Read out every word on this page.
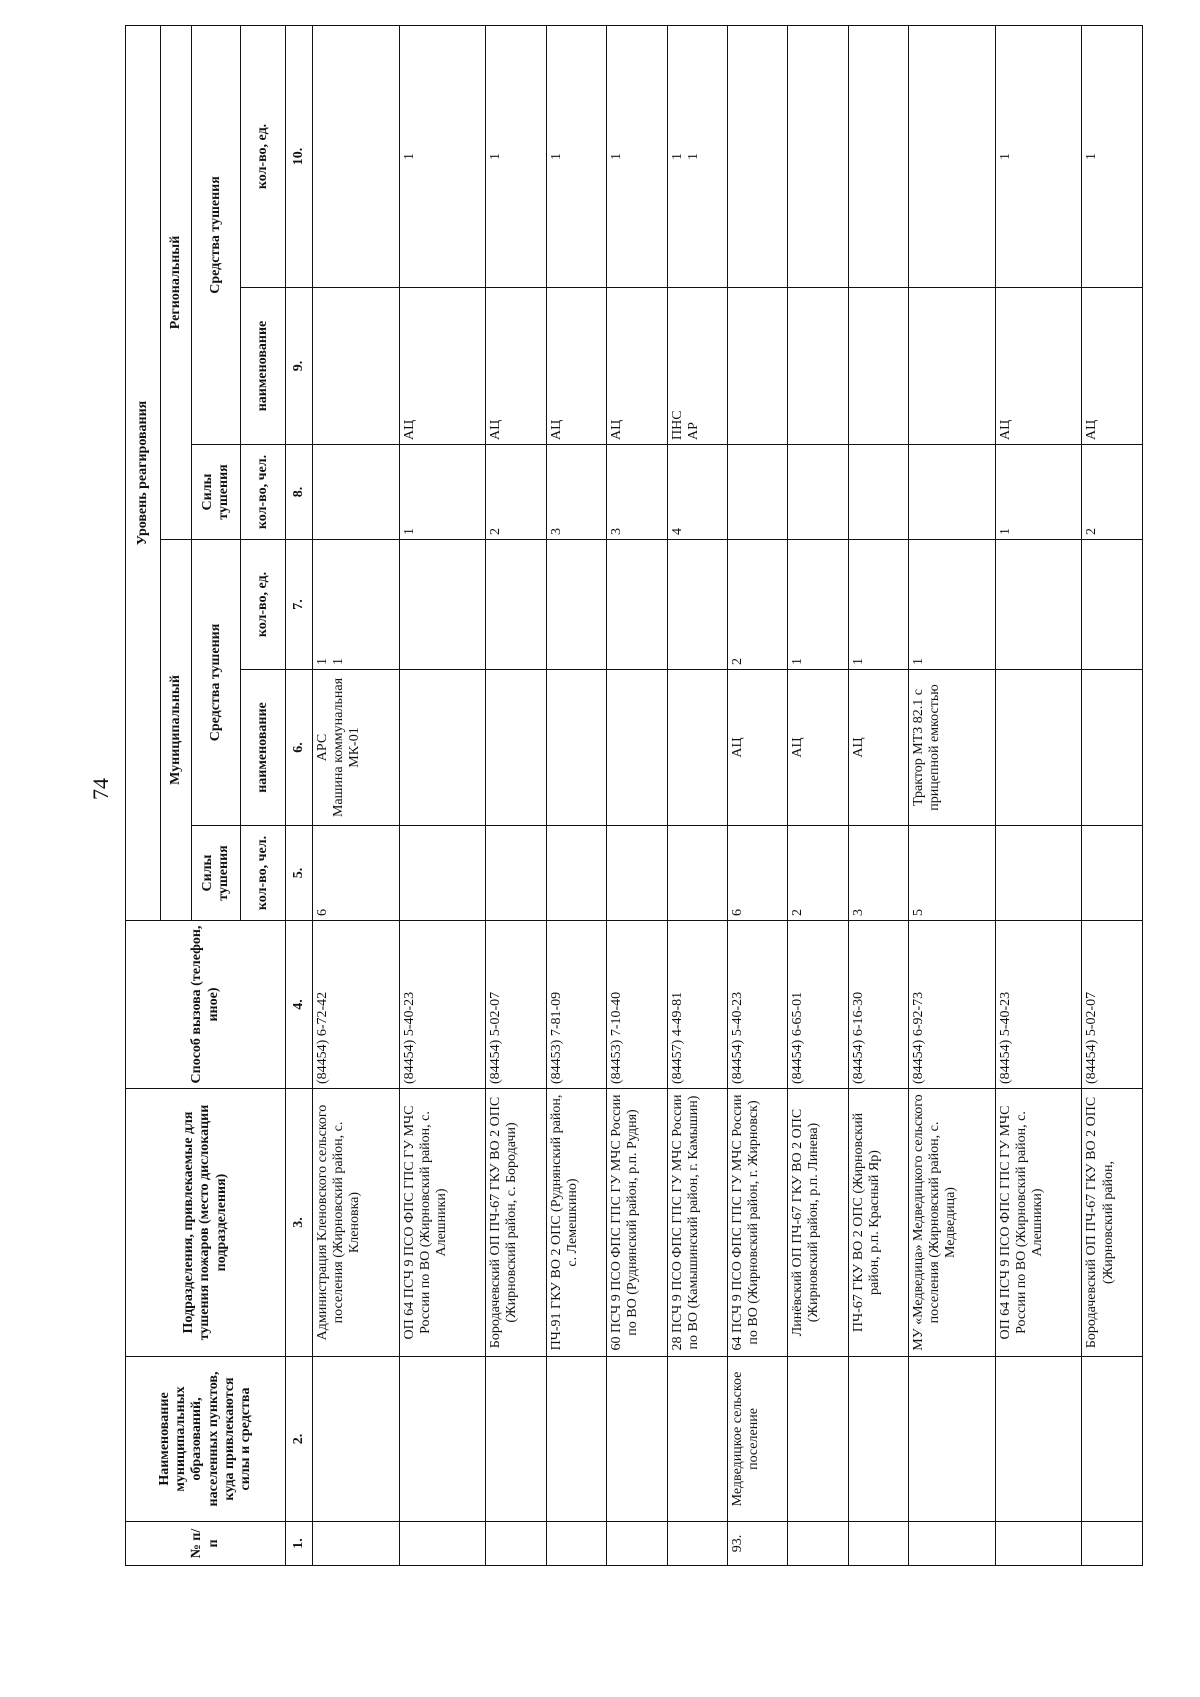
74
№ п/п	Наименование муниципальных образований, населенных пунктов, куда привлекаются силы и средства	Подразделения, привлекаемые для тушения пожаров (место дислокации подразделения)	Способ вызова (телефон, иное)	Уровень реагирования					
				Муниципальный			Региональный		
				Силы тушения	Средства тушения		Силы тушения	Средства тушения	
				кол-во, чел.	наименование	кол-во, ед.	кол-во, чел.	наименование	кол-во, ед.
1.	2.	3.	4.	5.	6.	7.	8.	9.	10.

		Администрация Кленовского сельского поселения (Жирновский район, с. Кленовка)	(84454) 6-72-42	6	АРС Машина коммунальная МК-01	1 1			

		ОП 64 ПСЧ 9 ПСО ФПС ГПС ГУ МЧС России по ВО (Жирновский район, с. Алешники)	(84454) 5-40-23				1	АЦ	1

		Бородачевский ОП ПЧ-67 ГКУ ВО 2 ОПС (Жирновский район, с. Бородачи)	(84454) 5-02-07				2	АЦ	1

		ПЧ-91 ГКУ ВО 2 ОПС (Руднянский район, с. Лемешкино)	(84453) 7-81-09				3	АЦ	1

		60 ПСЧ 9 ПСО ФПС ГПС ГУ МЧС России по ВО (Руднянский район, р.п. Рудня)	(84453) 7-10-40				3	АЦ	1

		28 ПСЧ 9 ПСО ФПС ГПС ГУ МЧС России по ВО (Камышинский район, г. Камышин)	(84457) 4-49-81				4	ПНС АР	1 1

93.	Медведицкое сельское поселение	64 ПСЧ 9 ПСО ФПС ГПС ГУ МЧС России по ВО (Жирновский район, г. Жирновск)	(84454) 5-40-23	6	АЦ	2			

		Линёвский ОП ПЧ-67 ГКУ ВО 2 ОПС (Жирновский район, р.п. Линева)	(84454) 6-65-01	2	АЦ	1			

		ПЧ-67 ГКУ ВО 2 ОПС (Жирновский район, р.п. Красный Яр)	(84454) 6-16-30	3	АЦ	1			

		МУ «Медведица» Медведицкого сельского поселения (Жирновский район, с. Медведица)	(84454) 6-92-73	5	Трактор МТЗ 82.1 с прицепной емкостью	1			

		ОП 64 ПСЧ 9 ПСО ФПС ГПС ГУ МЧС России по ВО (Жирновский район, с. Алешники)	(84454) 5-40-23				1	АЦ	1

		Бородачевский ОП ПЧ-67 ГКУ ВО 2 ОПС (Жирновский район,	(84454) 5-02-07				2	АЦ	1
